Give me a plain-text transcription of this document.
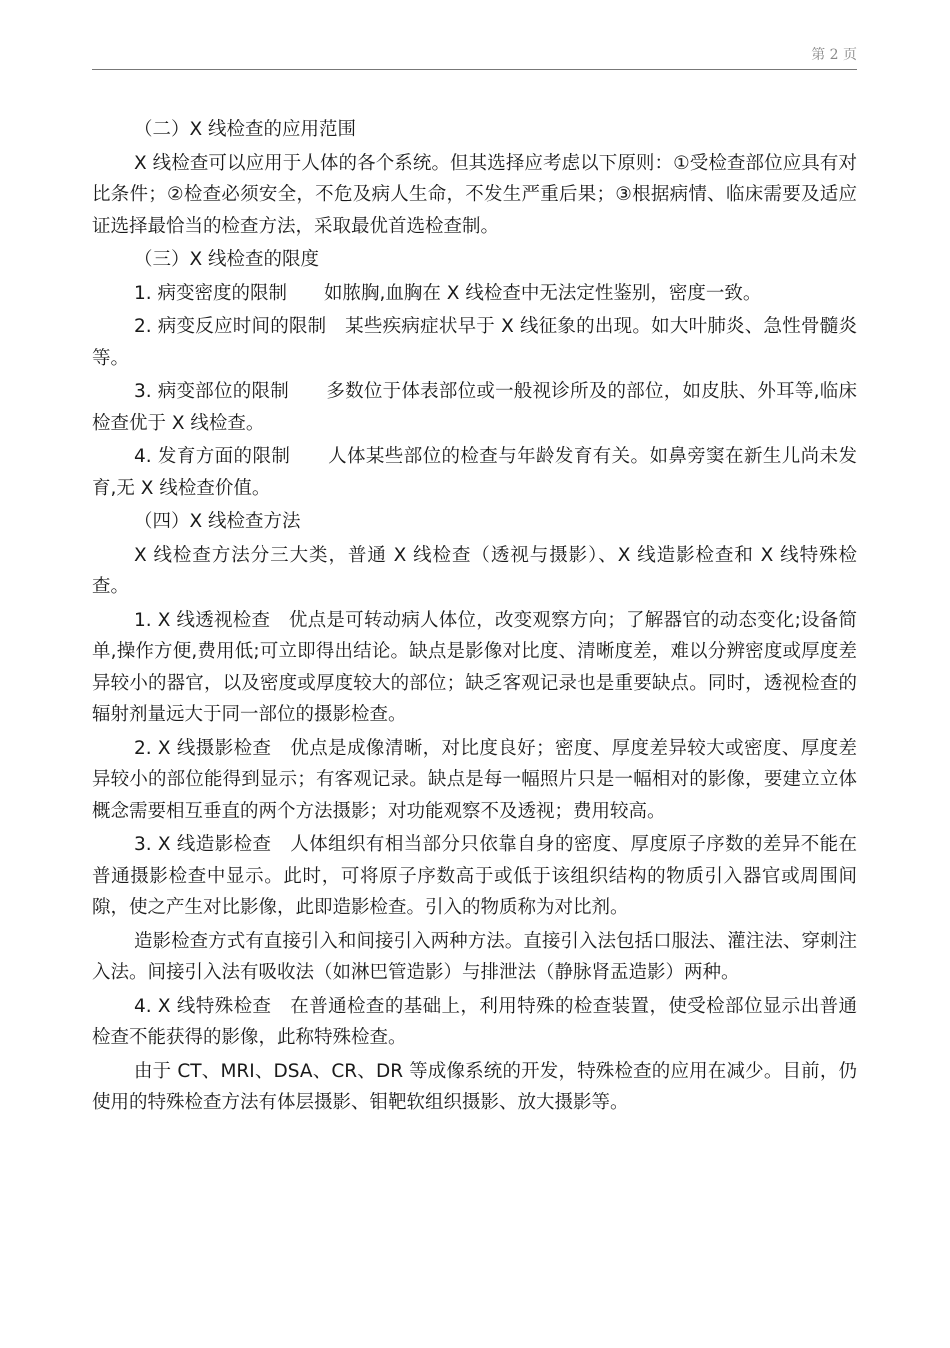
第 2 页

（二）X 线检查的应用范围

X 线检查可以应用于人体的各个系统。但其选择应考虑以下原则：①受检查部位应具有对比条件；②检查必须安全，不危及病人生命，不发生严重后果；③根据病情、临床需要及适应证选择最恰当的检查方法，采取最优首选检查制。

（三）X 线检查的限度

1. 病变密度的限制　　如脓胸,血胸在 X 线检查中无法定性鉴别，密度一致。

2. 病变反应时间的限制　某些疾病症状早于 X 线征象的出现。如大叶肺炎、急性骨髓炎等。

3. 病变部位的限制　　多数位于体表部位或一般视诊所及的部位，如皮肤、外耳等,临床检查优于 X 线检查。

4. 发育方面的限制　　人体某些部位的检查与年龄发育有关。如鼻旁窦在新生儿尚未发育,无 X 线检查价值。

（四）X 线检查方法

X 线检查方法分三大类，普通 X 线检查（透视与摄影）、X 线造影检查和 X 线特殊检查。

1. X 线透视检查　优点是可转动病人体位，改变观察方向；了解器官的动态变化;设备简单,操作方便,费用低;可立即得出结论。缺点是影像对比度、清晰度差，难以分辨密度或厚度差异较小的器官，以及密度或厚度较大的部位；缺乏客观记录也是重要缺点。同时，透视检查的辐射剂量远大于同一部位的摄影检查。

2. X 线摄影检查　优点是成像清晰，对比度良好；密度、厚度差异较大或密度、厚度差异较小的部位能得到显示；有客观记录。缺点是每一幅照片只是一幅相对的影像，要建立立体概念需要相互垂直的两个方法摄影；对功能观察不及透视；费用较高。

3. X 线造影检查　人体组织有相当部分只依靠自身的密度、厚度原子序数的差异不能在普通摄影检查中显示。此时，可将原子序数高于或低于该组织结构的物质引入器官或周围间隙，使之产生对比影像，此即造影检查。引入的物质称为对比剂。

造影检查方式有直接引入和间接引入两种方法。直接引入法包括口服法、灌注法、穿刺注入法。间接引入法有吸收法（如淋巴管造影）与排泄法（静脉肾盂造影）两种。

4. X 线特殊检查　在普通检查的基础上，利用特殊的检查装置，使受检部位显示出普通检查不能获得的影像，此称特殊检查。

由于 CT、MRI、DSA、CR、DR 等成像系统的开发，特殊检查的应用在减少。目前，仍使用的特殊检查方法有体层摄影、钼靶软组织摄影、放大摄影等。
